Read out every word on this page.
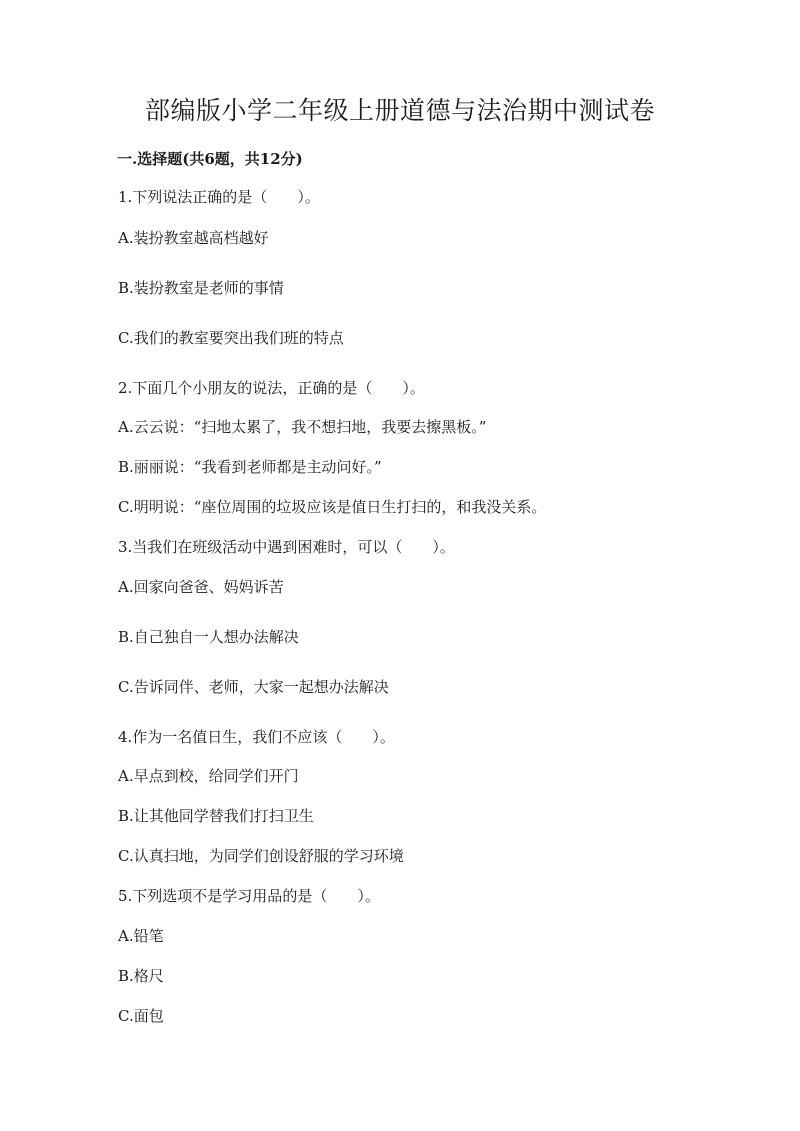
部编版小学二年级上册道德与法治期中测试卷

一.选择题(共6题，共12分)

1.下列说法正确的是（　　）。

A.装扮教室越高档越好

B.装扮教室是老师的事情

C.我们的教室要突出我们班的特点

2.下面几个小朋友的说法，正确的是（　　）。

A.云云说：“扫地太累了，我不想扫地，我要去擦黑板。”

B.丽丽说：“我看到老师都是主动问好。”

C.明明说：“座位周围的垃圾应该是值日生打扫的，和我没关系。

3.当我们在班级活动中遇到困难时，可以（　　）。

A.回家向爸爸、妈妈诉苦

B.自己独自一人想办法解决

C.告诉同伴、老师，大家一起想办法解决

4.作为一名值日生，我们不应该（　　）。

A.早点到校，给同学们开门

B.让其他同学替我们打扫卫生

C.认真扫地，为同学们创设舒服的学习环境

5.下列选项不是学习用品的是（　　）。

A.铅笔

B.格尺

C.面包
